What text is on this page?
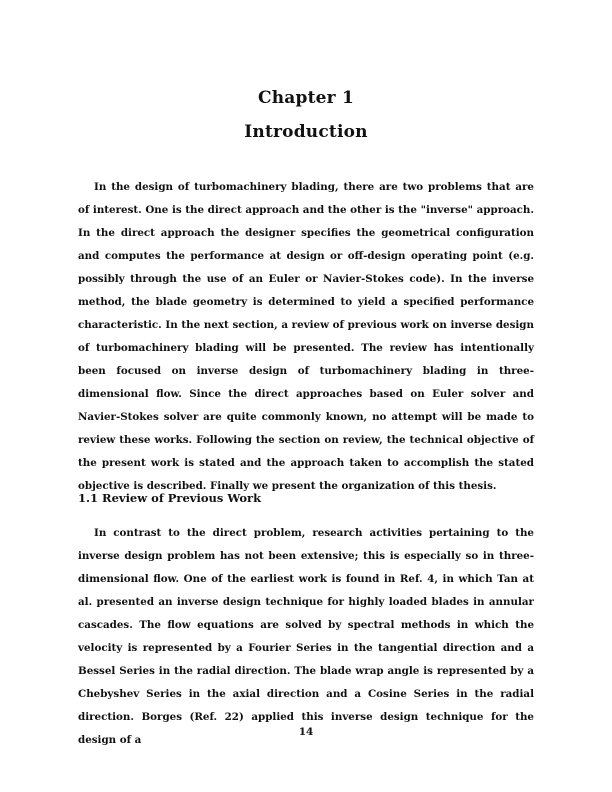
Chapter 1
Introduction

In the design of turbomachinery blading, there are two problems that are of interest. One is the direct approach and the other is the "inverse" approach. In the direct approach the designer specifies the geometrical configuration and computes the performance at design or off-design operating point (e.g. possibly through the use of an Euler or Navier-Stokes code). In the inverse method, the blade geometry is determined to yield a specified performance characteristic. In the next section, a review of previous work on inverse design of turbomachinery blading will be presented. The review has intentionally been focused on inverse design of turbomachinery blading in three-dimensional flow. Since the direct approaches based on Euler solver and Navier-Stokes solver are quite commonly known, no attempt will be made to review these works. Following the section on review, the technical objective of the present work is stated and the approach taken to accomplish the stated objective is described. Finally we present the organization of this thesis.

1.1 Review of Previous Work

In contrast to the direct problem, research activities pertaining to the inverse design problem has not been extensive; this is especially so in three-dimensional flow. One of the earliest work is found in Ref. 4, in which Tan at al. presented an inverse design technique for highly loaded blades in annular cascades. The flow equations are solved by spectral methods in which the velocity is represented by a Fourier Series in the tangential direction and a Bessel Series in the radial direction. The blade wrap angle is represented by a Chebyshev Series in the axial direction and a Cosine Series in the radial direction. Borges (Ref. 22) applied this inverse design technique for the design of a

14
